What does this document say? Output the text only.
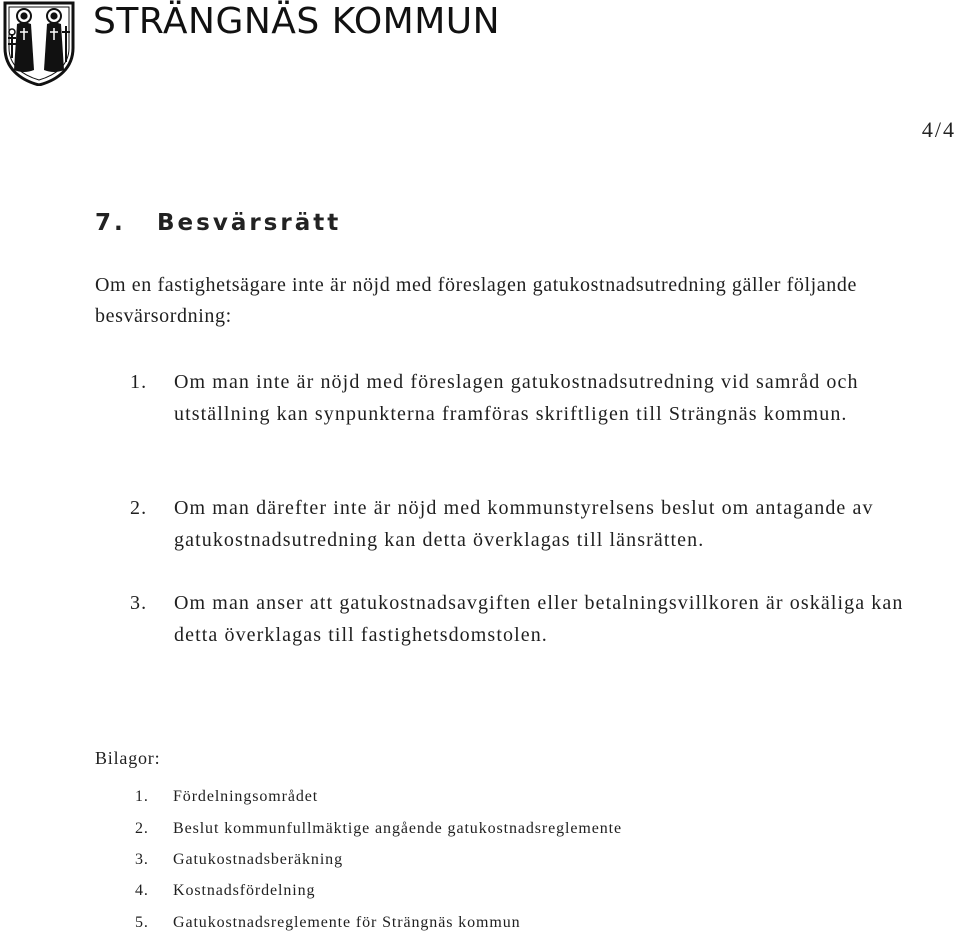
STRÄNGNÄS KOMMUN
4/4
7. Besvärsrätt
Om en fastighetsägare inte är nöjd med föreslagen gatukostnadsutredning gäller följande besvärsordning:
1.	Om man inte är nöjd med föreslagen gatukostnadsutredning vid samråd och utställning kan synpunkterna framföras skriftligen till Strängnäs kommun.
2.	Om man därefter inte är nöjd med kommunstyrelsens beslut om antagande av gatukostnadsutredning kan detta överklagas till länsrätten.
3.	Om man anser att gatukostnadsavgiften eller betalningsvillkoren är oskäliga kan detta överklagas till fastighetsdomstolen.
Bilagor:
1. Fördelningsområdet
2. Beslut kommunfullmäktige angående gatukostnadsreglemente
3. Gatukostnadsberäkning
4. Kostnadsfördelning
5. Gatukostnadsreglemente för Strängnäs kommun
